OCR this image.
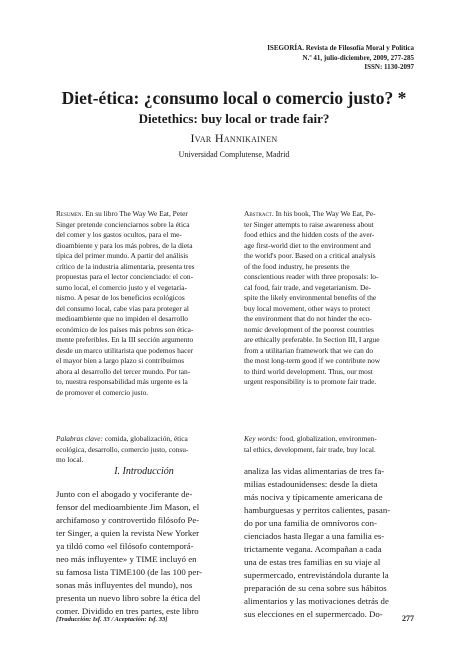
ISEGORÍA. Revista de Filosofía Moral y Política
N.º 41, julio-diciembre, 2009, 277-285
ISSN: 1130-2097
Diet-ética: ¿consumo local o comercio justo? *
Dietethics: buy local or trade fair?
Ivar Hannikainen
Universidad Complutense, Madrid
Resumen. En su libro The Way We Eat, Peter
Singer pretende concienciarnos sobre la ética
del comer y los gastos ocultos, para el me-
dioambiente y para los más pobres, de la dieta
típica del primer mundo. A partir del análisis
crítico de la industria alimentaria, presenta tres
propuestas para el lector concienciado: el con-
sumo local, el comercio justo y el vegetaria-
nismo. A pesar de los beneficios ecológicos
del consumo local, cabe vías para proteger al
medioambiente que no impiden el desarrollo
económico de los países más pobres son ética-
mente preferibles. En la III sección argumento
desde un marco utilitarista que podemos hacer
el mayor bien a largo plazo si contribuimos
ahora al desarrollo del tercer mundo. Por tan-
to, nuestra responsabilidad más urgente es la
de promover el comercio justo.
Palabras clave: comida, globalización, ética
ecológica, desarrollo, comercio justo, consu-
mo local.
Abstract. In his book, The Way We Eat, Pe-
ter Singer attempts to raise awareness about
food ethics and the hidden costs of the aver-
age first-world diet to the environment and
the world's poor. Based on a critical analysis
of the food industry, he presents the
conscientious reader with three proposals: lo-
cal food, fair trade, and vegetarianism. De-
spite the likely environmental benefits of the
buy local movement, other ways to protect
the environment that do not hinder the eco-
nomic development of the poorest countries
are ethically preferable. In Section III, I argue
from a utilitarian framework that we can do
the most long-term good if we contribute now
to third world development. Thus, our most
urgent responsibility is to promote fair trade.
Key words: food, globalization, environmen-
tal ethics, development, fair trade, buy local.
I. Introducción
Junto con el abogado y vociferante de-
fensor del medioambiente Jim Mason, el
archifamoso y controvertido filósofo Pe-
ter Singer, a quien la revista New Yorker
ya tildó como «el filósofo contemporá-
neo más influyente» y TIME incluyó en
su famosa lista TIME100 (de las 100 per-
sonas más influyentes del mundo), nos
presenta un nuevo libro sobre la ética del
comer. Dividido en tres partes, este libro
analiza las vidas alimentarias de tres fa-
milias estadounidenses: desde la dieta
más nociva y típicamente americana de
hamburguesas y perritos calientes, pasan-
do por una familia de omnívoros con-
cienciados hasta llegar a una familia es-
trictamente vegana. Acompañan a cada
una de estas tres familias en su viaje al
supermercado, entrevistándola durante la
preparación de su cena sobre sus hábitos
alimentarios y las motivaciones detrás de
sus elecciones en el supermercado. Do-
[Traducción: Isf. 33 / Aceptación: Isf. 33]	277
